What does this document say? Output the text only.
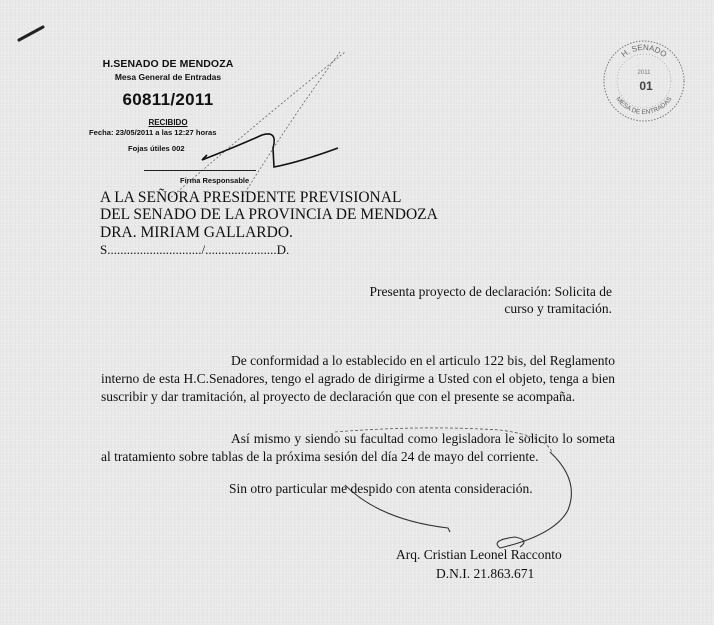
H. SENADO
MESA DE ENTRADAS
2011
01
H.SENADO DE MENDOZA
Mesa General de Entradas
60811/2011
RECIBIDO
Fecha: 23/05/2011 a las 12:27 horas
Fojas útiles 002
Firma Responsable
A LA SEÑORA PRESIDENTE PREVISIONAL
DEL SENADO DE LA PROVINCIA DE MENDOZA
DRA. MIRIAM GALLARDO.
S............................./......................D.
Presenta proyecto de declaración: Solicita de
curso y tramitación.
De conformidad a lo establecido en el articulo 122 bis, del Reglamento interno de esta H.C.Senadores, tengo el agrado de dirigirme a Usted con el objeto, tenga a bien suscribir y dar tramitación, al proyecto de declaración que con el presente se acompaña.
Así mismo y siendo su facultad como legisladora le solicito lo someta al tratamiento sobre tablas de la próxima sesión del día 24 de mayo del corriente.
Sin otro particular me despido con atenta consideración.
Arq. Cristian Leonel Racconto
D.N.I. 21.863.671
